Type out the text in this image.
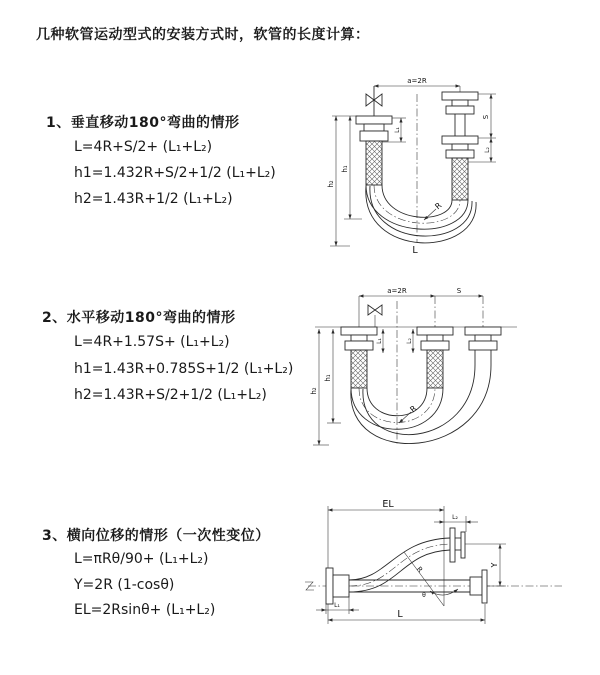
几种软管运动型式的安装方式时，软管的长度计算：
1、垂直移动180°弯曲的情形
L=4R+S/2+ (L₁+L₂)
h1=1.432R+S/2+1/2 (L₁+L₂)
h2=1.43R+1/2 (L₁+L₂)
a=2R
h₁
h₂
L₁
S
L₂
R
L
2、水平移动180°弯曲的情形
L=4R+1.57S+ (L₁+L₂)
h1=1.43R+0.785S+1/2 (L₁+L₂)
h2=1.43R+S/2+1/2 (L₁+L₂)
a=2R	S
h₁
h₂
L₁	L₂
R
3、横向位移的情形（一次性变位）
L=πRθ/90+ (L₁+L₂)
Y=2R (1-cosθ)
EL=2Rsinθ+ (L₁+L₂)
EL
L₂
Y
L₁
L
R
θ
